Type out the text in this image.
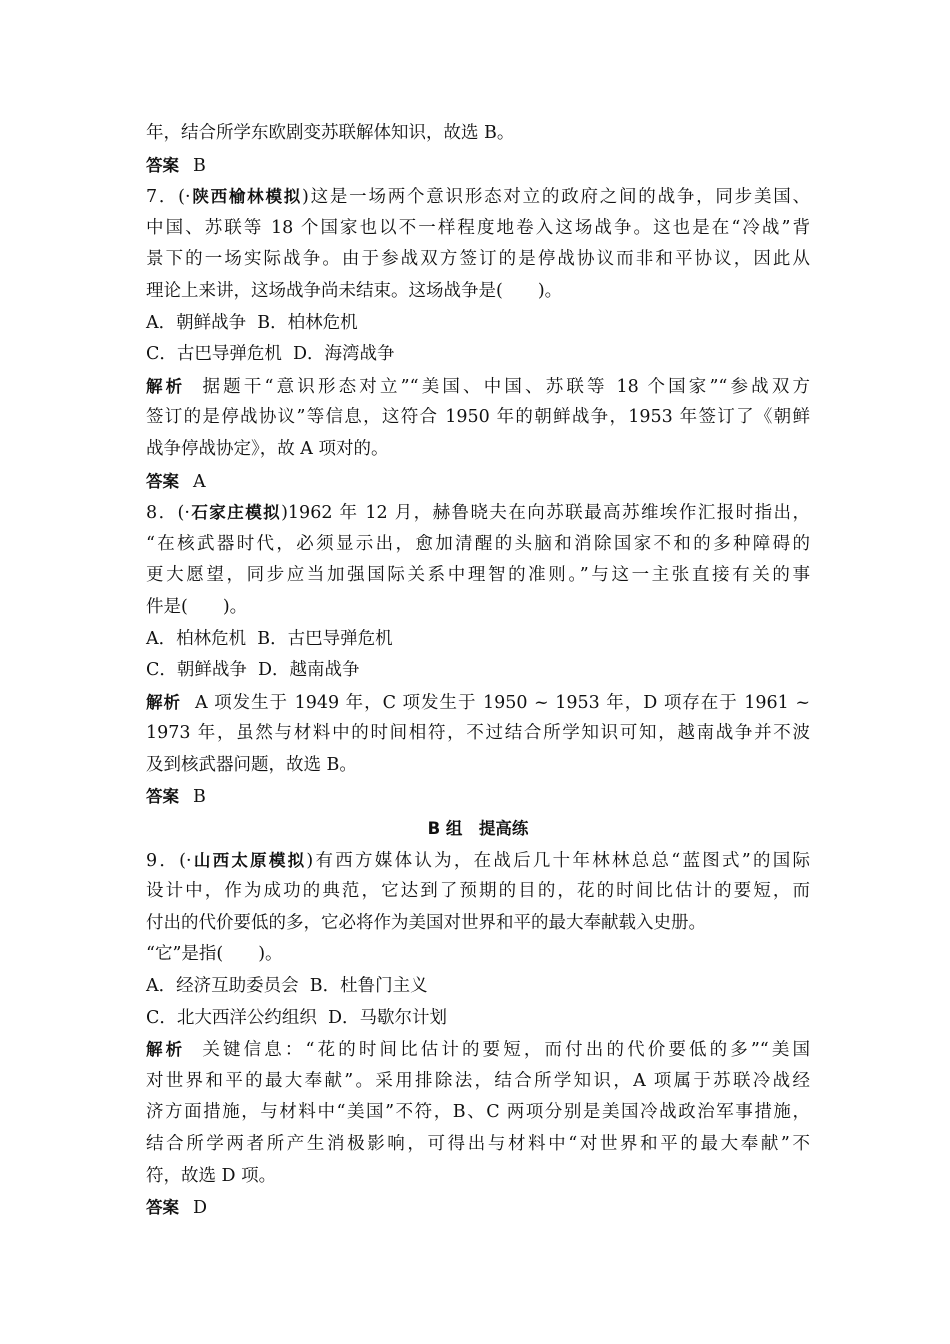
年，结合所学东欧剧变苏联解体知识，故选 B。
答案 B
7．(·陕西榆林模拟)这是一场两个意识形态对立的政府之间的战争，同步美国、
中国、苏联等 18 个国家也以不一样程度地卷入这场战争。这也是在“冷战”背
景下的一场实际战争。由于参战双方签订的是停战协议而非和平协议，因此从
理论上来讲，这场战争尚未结束。这场战争是(　　)。
A．朝鲜战争 B．柏林危机
C．古巴导弹危机 D．海湾战争
解析 据题干“意识形态对立”“美国、中国、苏联等 18 个国家”“参战双方
签订的是停战协议”等信息，这符合 1950 年的朝鲜战争，1953 年签订了《朝鲜
战争停战协定》，故 A 项对的。
答案 A
8．(·石家庄模拟)1962 年 12 月，赫鲁晓夫在向苏联最高苏维埃作汇报时指出，
“在核武器时代，必须显示出，愈加清醒的头脑和消除国家不和的多种障碍的
更大愿望，同步应当加强国际关系中理智的准则。”与这一主张直接有关的事
件是(　　)。
A．柏林危机 B．古巴导弹危机
C．朝鲜战争 D．越南战争
解析 A 项发生于 1949 年，C 项发生于 1950 ~ 1953 年，D 项存在于 1961 ~
1973 年，虽然与材料中的时间相符，不过结合所学知识可知，越南战争并不波
及到核武器问题，故选 B。
答案 B
B 组　提高练
9．(·山西太原模拟)有西方媒体认为，在战后几十年林林总总“蓝图式”的国际
设计中，作为成功的典范，它达到了预期的目的，花的时间比估计的要短，而
付出的代价要低的多，它必将作为美国对世界和平的最大奉献载入史册。
“它”是指(　　)。
A．经济互助委员会 B．杜鲁门主义
C．北大西洋公约组织 D．马歇尔计划
解析 关键信息：“花的时间比估计的要短，而付出的代价要低的多”“美国
对世界和平的最大奉献”。采用排除法，结合所学知识，A 项属于苏联冷战经
济方面措施，与材料中“美国”不符，B、C 两项分别是美国冷战政治军事措施，
结合所学两者所产生消极影响，可得出与材料中“对世界和平的最大奉献”不
符，故选 D 项。
答案 D
